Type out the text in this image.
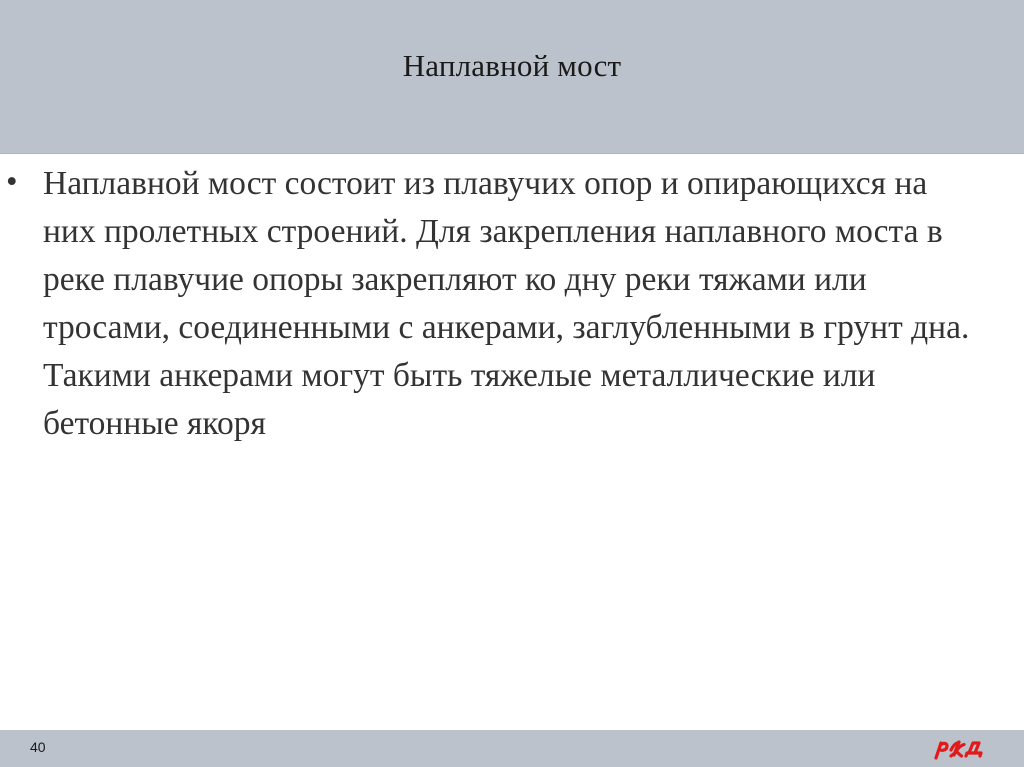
Наплавной мост
• Наплавной мост состоит из плавучих опор и опирающихся на них пролетных строений. Для закрепления наплавного моста в реке плавучие опоры закрепляют ко дну реки тяжами или тросами, соединенными с анкерами, заглубленными в грунт дна. Такими анкерами могут быть тяжелые металлические или бетонные якоря

40
